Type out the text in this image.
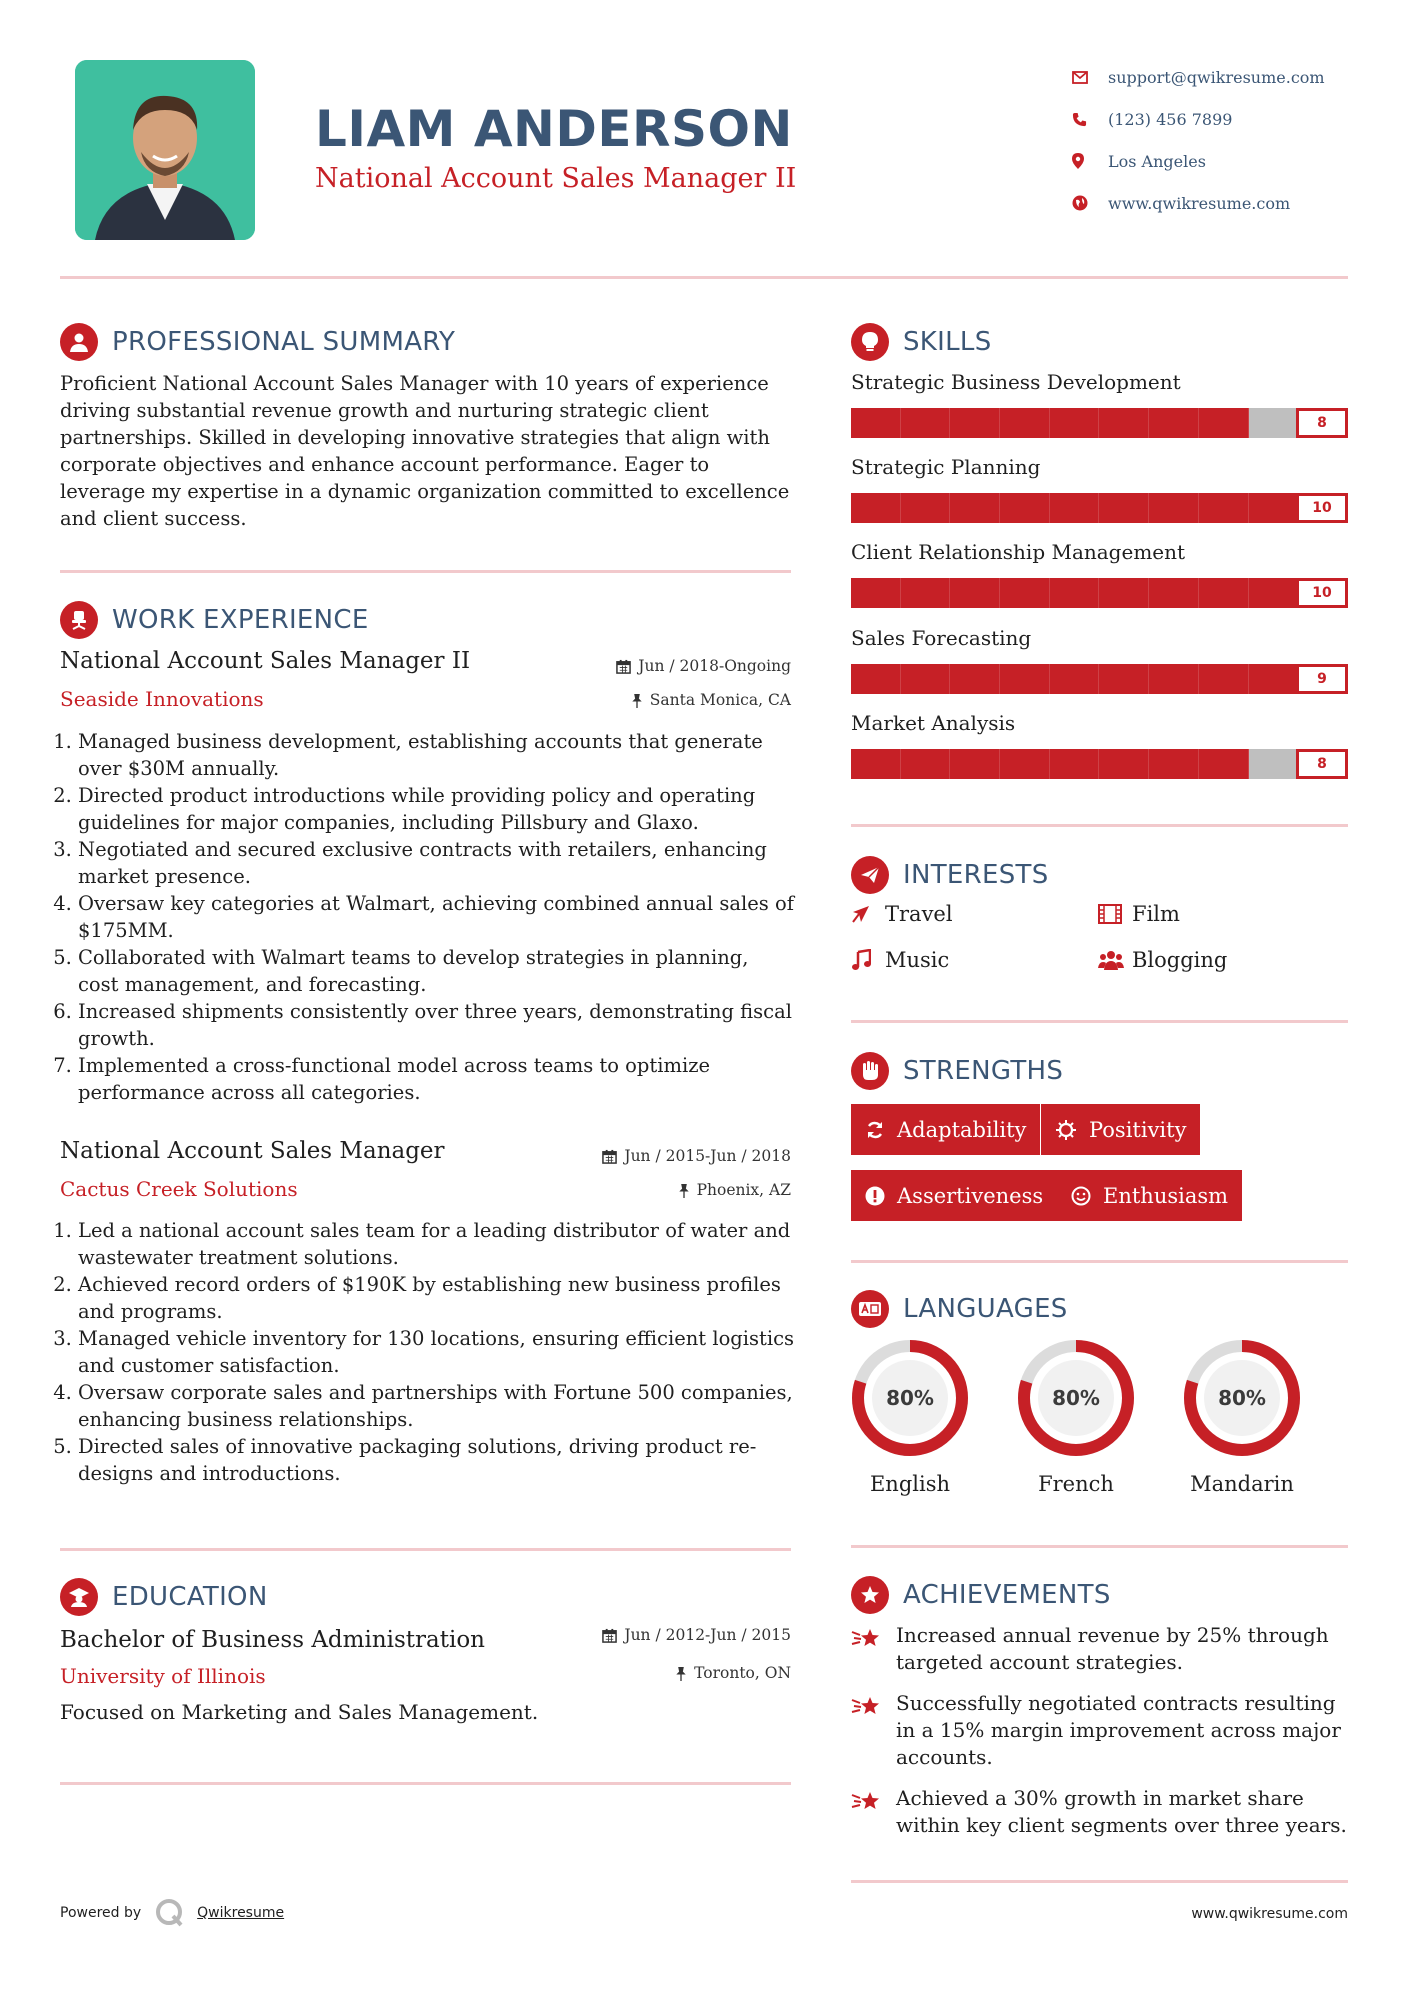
LIAM ANDERSON
National Account Sales Manager II
support@qwikresume.com
(123) 456 7899
Los Angeles
www.qwikresume.com
PROFESSIONAL SUMMARY
Proficient National Account Sales Manager with 10 years of experience driving substantial revenue growth and nurturing strategic client partnerships. Skilled in developing innovative strategies that align with corporate objectives and enhance account performance. Eager to leverage my expertise in a dynamic organization committed to excellence and client success.
WORK EXPERIENCE
National Account Sales Manager II	Jun / 2018-Ongoing
Seaside Innovations	Santa Monica, CA
1. Managed business development, establishing accounts that generate over $30M annually.
2. Directed product introductions while providing policy and operating guidelines for major companies, including Pillsbury and Glaxo.
3. Negotiated and secured exclusive contracts with retailers, enhancing market presence.
4. Oversaw key categories at Walmart, achieving combined annual sales of $175MM.
5. Collaborated with Walmart teams to develop strategies in planning, cost management, and forecasting.
6. Increased shipments consistently over three years, demonstrating fiscal growth.
7. Implemented a cross-functional model across teams to optimize performance across all categories.
National Account Sales Manager	Jun / 2015-Jun / 2018
Cactus Creek Solutions	Phoenix, AZ
1. Led a national account sales team for a leading distributor of water and wastewater treatment solutions.
2. Achieved record orders of $190K by establishing new business profiles and programs.
3. Managed vehicle inventory for 130 locations, ensuring efficient logistics and customer satisfaction.
4. Oversaw corporate sales and partnerships with Fortune 500 companies, enhancing business relationships.
5. Directed sales of innovative packaging solutions, driving product re-designs and introductions.
EDUCATION
Bachelor of Business Administration	Jun / 2012-Jun / 2015
University of Illinois	Toronto, ON
Focused on Marketing and Sales Management.
SKILLS
Strategic Business Development
8
Strategic Planning
10
Client Relationship Management
10
Sales Forecasting
9
Market Analysis
8
INTERESTS
Travel	Film
Music	Blogging
STRENGTHS
Adaptability	Positivity
Assertiveness	Enthusiasm
LANGUAGES
80%
English
80%
French
80%
Mandarin
ACHIEVEMENTS
Increased annual revenue by 25% through targeted account strategies.
Successfully negotiated contracts resulting in a 15% margin improvement across major accounts.
Achieved a 30% growth in market share within key client segments over three years.
Powered by	Qwikresume	www.qwikresume.com
